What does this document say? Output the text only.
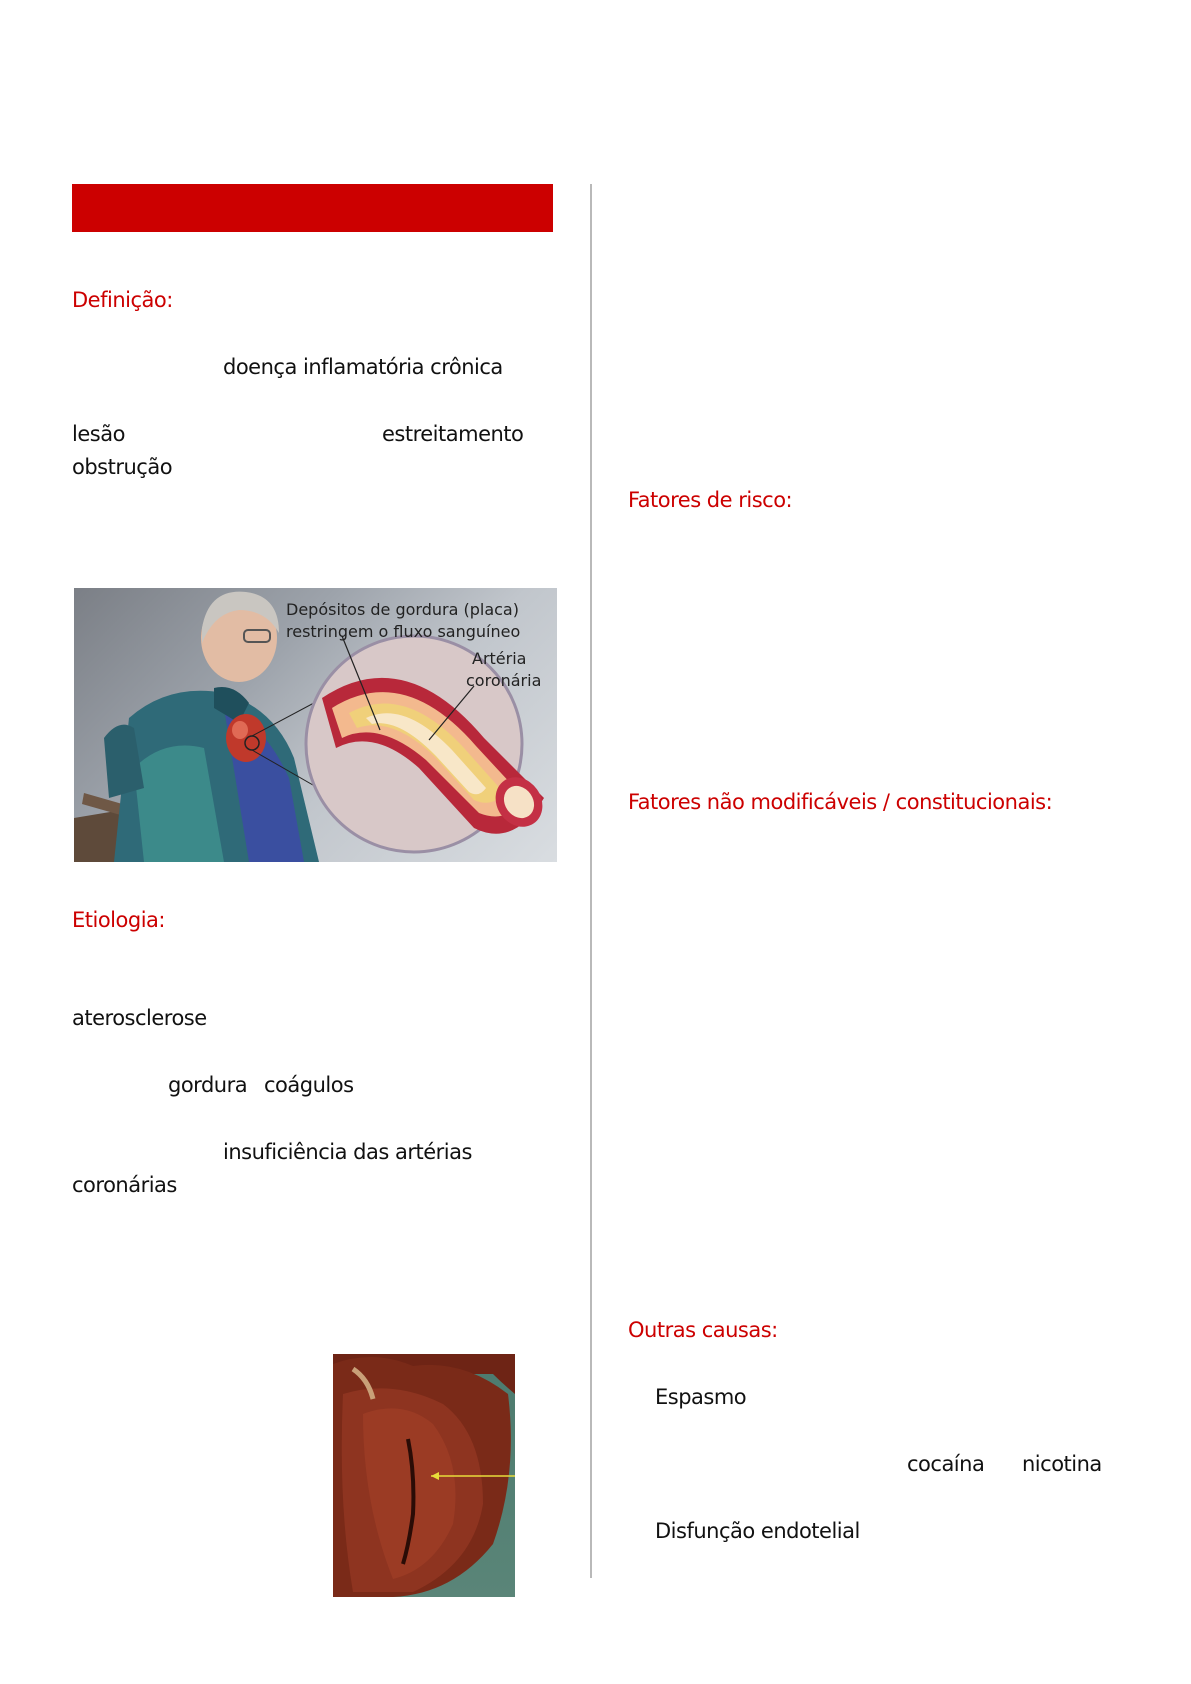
Definição:
doença inflamatória crônica
lesão	estreitamento
obstrução
Depósitos de gordura (placa)
restringem o fluxo sanguíneo
Artéria
coronária
Etiologia:
aterosclerose
gordura coágulos
insuficiência das artérias
coronárias
Fatores de risco:
Fatores não modificáveis / constitucionais:
Outras causas:
Espasmo
cocaína nicotina
Disfunção endotelial
